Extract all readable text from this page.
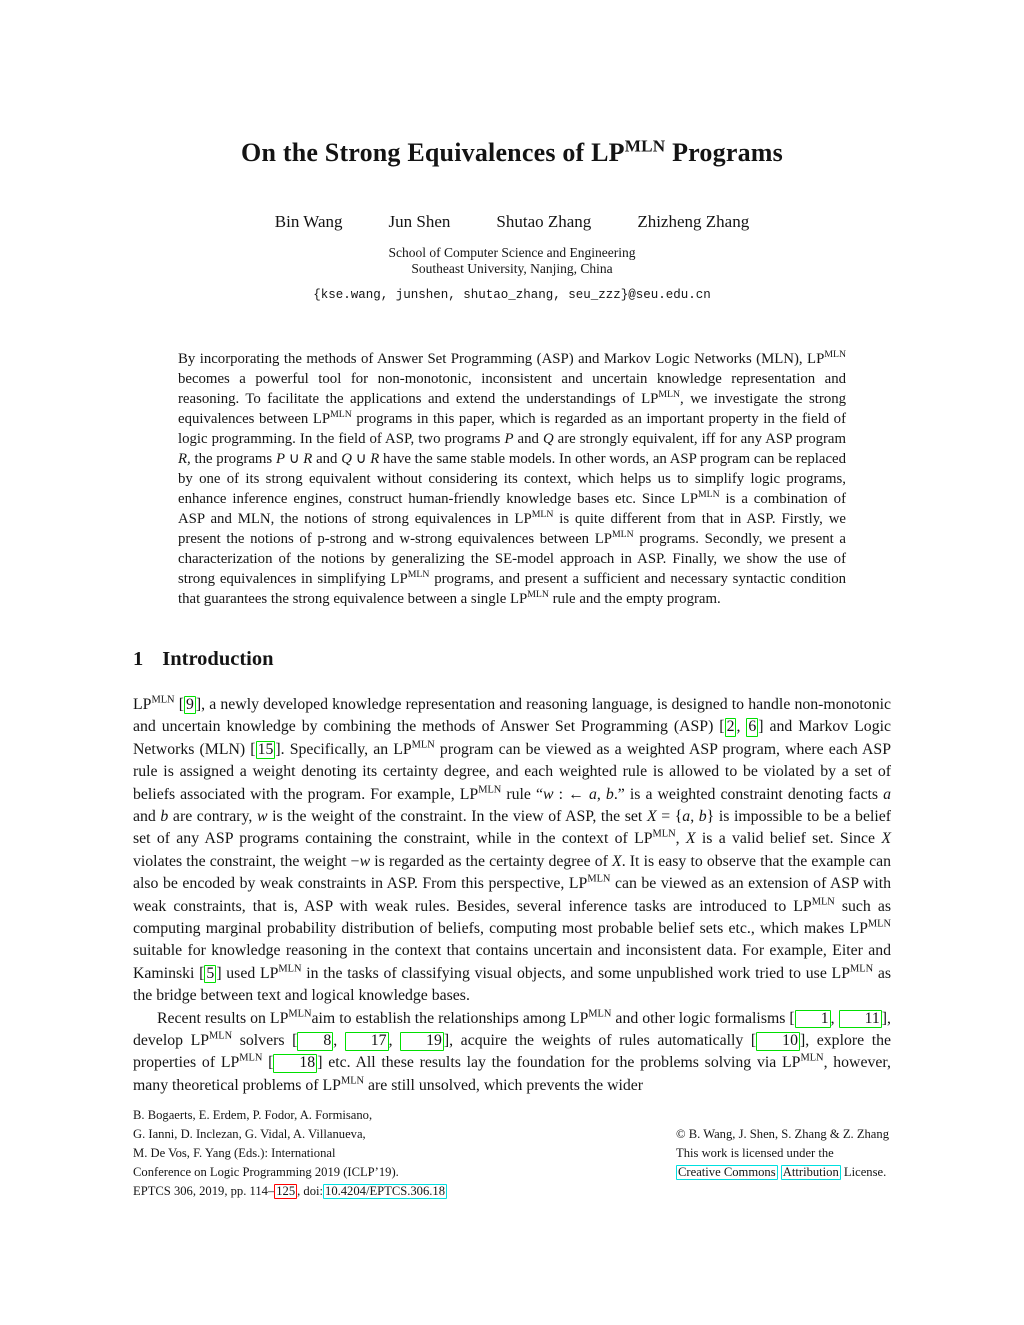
On the Strong Equivalences of $LP^{MLN}$ Programs
Bin Wang	Jun Shen	Shutao Zhang	Zhizheng Zhang
School of Computer Science and Engineering
Southeast University, Nanjing, China
{kse.wang, junshen, shutao_zhang, seu_zzz}@seu.edu.cn
By incorporating the methods of Answer Set Programming (ASP) and Markov Logic Networks (MLN), $LP^{MLN}$ becomes a powerful tool for non-monotonic, inconsistent and uncertain knowledge representation and reasoning. To facilitate the applications and extend the understandings of $LP^{MLN}$, we investigate the strong equivalences between $LP^{MLN}$ programs in this paper, which is regarded as an important property in the field of logic programming. In the field of ASP, two programs P and Q are strongly equivalent, iff for any ASP program R, the programs P ∪ R and Q ∪ R have the same stable models. In other words, an ASP program can be replaced by one of its strong equivalent without considering its context, which helps us to simplify logic programs, enhance inference engines, construct human-friendly knowledge bases etc. Since $LP^{MLN}$ is a combination of ASP and MLN, the notions of strong equivalences in $LP^{MLN}$ is quite different from that in ASP. Firstly, we present the notions of p-strong and w-strong equivalences between $LP^{MLN}$ programs. Secondly, we present a characterization of the notions by generalizing the SE-model approach in ASP. Finally, we show the use of strong equivalences in simplifying $LP^{MLN}$ programs, and present a sufficient and necessary syntactic condition that guarantees the strong equivalence between a single $LP^{MLN}$ rule and the empty program.
1 Introduction

$LP^{MLN}$ [ 9 ], a newly developed knowledge representation and reasoning language, is designed to handle non-monotonic and uncertain knowledge by combining the methods of Answer Set Programming (ASP) [ 2 , 6 ] and Markov Logic Networks (MLN) [ 15 ]. Specifically, an $LP^{MLN}$ program can be viewed as a weighted ASP program, where each ASP rule is assigned a weight denoting its certainty degree, and each weighted rule is allowed to be violated by a set of beliefs associated with the program. For example, $LP^{MLN}$ rule “w : ← a, b.” is a weighted constraint denoting facts a and b are contrary, w is the weight of the constraint. In the view of ASP, the set X = {a, b} is impossible to be a belief set of any ASP programs containing the constraint, while in the context of $LP^{MLN}$, X is a valid belief set. Since X violates the constraint, the weight −w is regarded as the certainty degree of X. It is easy to observe that the example can also be encoded by weak constraints in ASP. From this perspective, $LP^{MLN}$ can be viewed as an extension of ASP with weak constraints, that is, ASP with weak rules. Besides, several inference tasks are introduced to $LP^{MLN}$ such as computing marginal probability distribution of beliefs, computing most probable belief sets etc., which makes $LP^{MLN}$ suitable for knowledge reasoning in the context that contains uncertain and inconsistent data. For example, Eiter and Kaminski [ 5 ] used $LP^{MLN}$ in the tasks of classifying visual objects, and some unpublished work tried to use $LP^{MLN}$ as the bridge between text and logical knowledge bases.

Recent results on $LP^{MLN}aim$ to establish the relationships among $LP^{MLN}$ and other logic formalisms [ 1 , 11 ], develop $LP^{MLN}$ solvers [ 8 , 17 , 19 ], acquire the weights of rules automatically [ 10 ], explore the properties of $LP^{MLN}$ [ 18 ] etc. All these results lay the foundation for the problems solving via $LP^{MLN}$, however, many theoretical problems of $LP^{MLN}$ are still unsolved, which prevents the wider

B. Bogaerts, E. Erdem, P. Fodor, A. Formisano,
G. Ianni, D. Inclezan, G. Vidal, A. Villanueva,
M. De Vos, F. Yang (Eds.): International
Conference on Logic Programming 2019 (ICLP’19).
EPTCS 306, 2019, pp. 114– 125 , doi: 10.4204/EPTCS.306.18
© B. Wang, J. Shen, S. Zhang & Z. Zhang
This work is licensed under the
Creative Commons Attribution License.
